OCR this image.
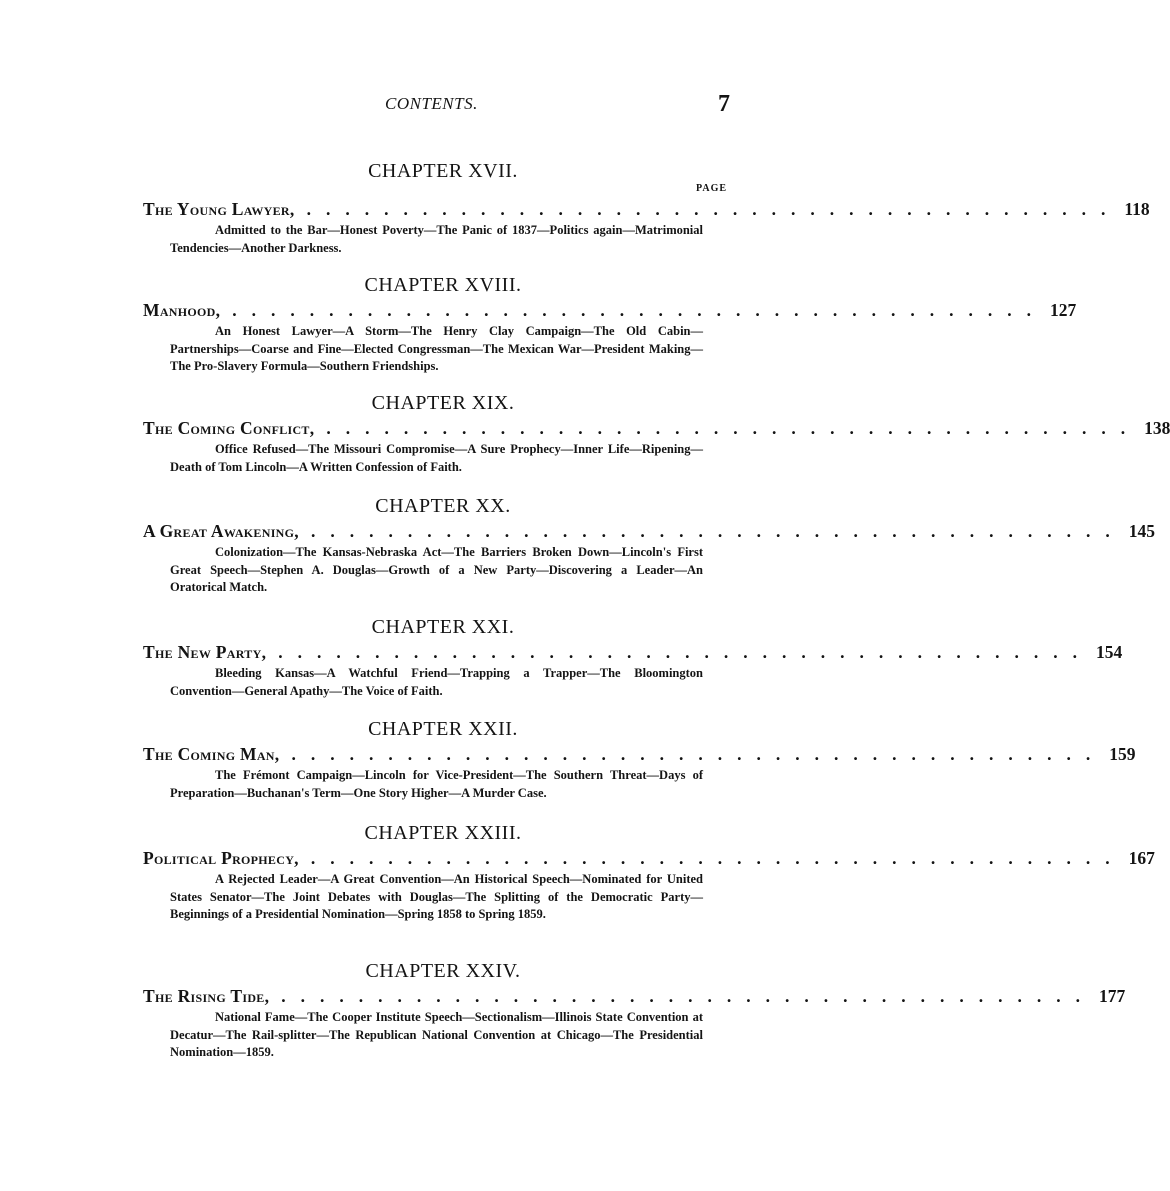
CONTENTS.	7
PAGE
CHAPTER XVII.
The Young Lawyer, .......................................... 118
Admitted to the Bar—Honest Poverty—The Panic of 1837—Politics again—Matrimonial Tendencies—Another Darkness.
CHAPTER XVIII.
Manhood, .......................................... 127
An Honest Lawyer—A Storm—The Henry Clay Campaign—The Old Cabin—Partnerships—Coarse and Fine—Elected Congressman—The Mexican War—President Making—The Pro-Slavery Formula—Southern Friendships.
CHAPTER XIX.
The Coming Conflict, .......................................... 138
Office Refused—The Missouri Compromise—A Sure Prophecy—Inner Life—Ripening—Death of Tom Lincoln—A Written Confession of Faith.
CHAPTER XX.
A Great Awakening, .......................................... 145
Colonization—The Kansas-Nebraska Act—The Barriers Broken Down—Lincoln's First Great Speech—Stephen A. Douglas—Growth of a New Party—Discovering a Leader—An Oratorical Match.
CHAPTER XXI.
The New Party, .......................................... 154
Bleeding Kansas—A Watchful Friend—Trapping a Trapper—The Bloomington Convention—General Apathy—The Voice of Faith.
CHAPTER XXII.
The Coming Man, .......................................... 159
The Frémont Campaign—Lincoln for Vice-President—The Southern Threat—Days of Preparation—Buchanan's Term—One Story Higher—A Murder Case.
CHAPTER XXIII.
Political Prophecy, .......................................... 167
A Rejected Leader—A Great Convention—An Historical Speech—Nominated for United States Senator—The Joint Debates with Douglas—The Splitting of the Democratic Party—Beginnings of a Presidential Nomination—Spring 1858 to Spring 1859.
CHAPTER XXIV.
The Rising Tide, .......................................... 177
National Fame—The Cooper Institute Speech—Sectionalism—Illinois State Convention at Decatur—The Rail-splitter—The Republican National Convention at Chicago—The Presidential Nomination—1859.
